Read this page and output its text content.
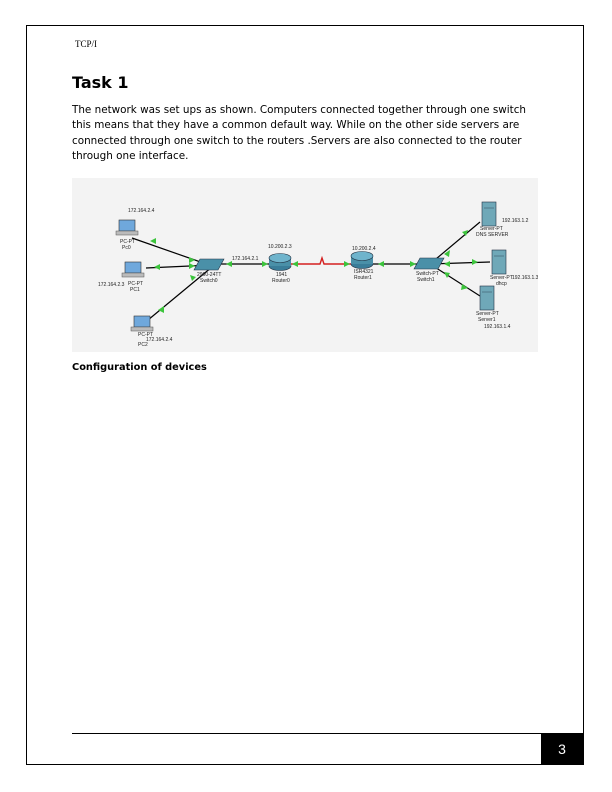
TCP/I
Task 1

The network was set ups as shown. Computers connected together through one switch this means that they have a common default way. While on the other side servers are connected through one switch to the routers .Servers are also connected to the router through one interface.

172.164.2.4
PC-PT
Pc0
172.164.2.3 PC-PT
PC1
PC-PT
172.164.2.4
PC2
2960-24TT
Switch0
172.164.2.1
10.200.2.3
1941
Router0
10.200.2.4
ISR4321
Router1
Switch-PT
Switch1
192.163.1.2
Server-PT
DNS SERVER
Server-PT 192.163.1.3
dhcp
Server-PT
Server1
192.163.1.4
Configuration of devices
3
